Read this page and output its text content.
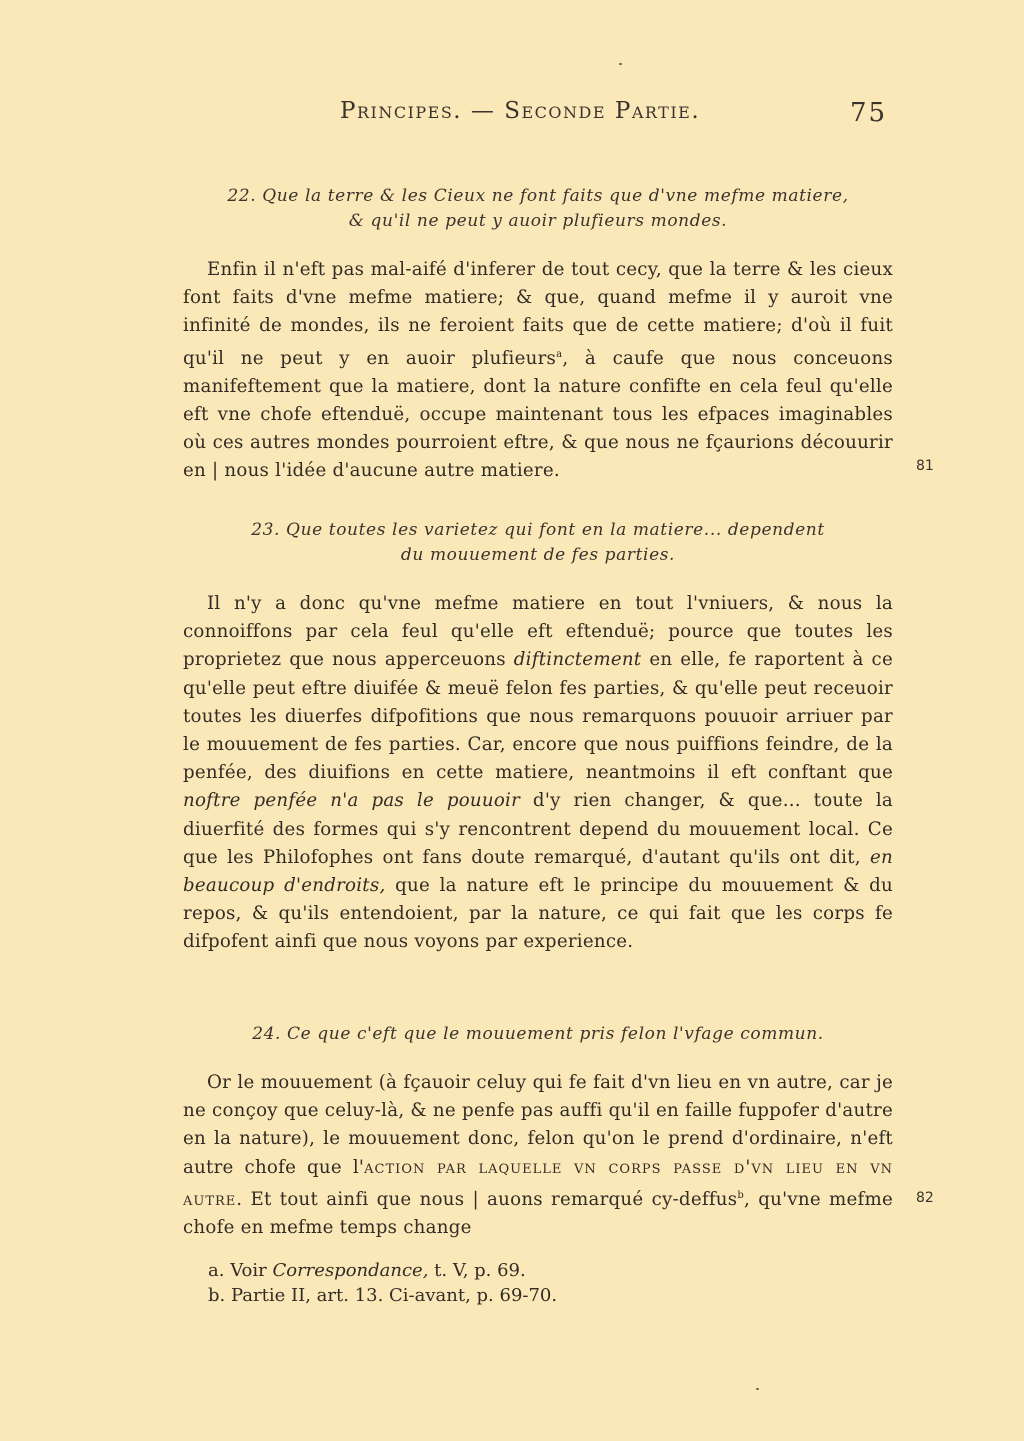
Principes. — Seconde Partie.	75
22. Que la terre & les Cieux ne font faits que d'vne mefme matiere,
& qu'il ne peut y auoir plufieurs mondes.

Enfin il n'eft pas mal-aifé d'inferer de tout cecy, que la terre & les cieux font faits d'vne mefme matiere; & que, quand mefme il y auroit vne infinité de mondes, ils ne feroient faits que de cette matiere; d'où il fuit qu'il ne peut y en auoir plufieurs$^a$, à caufe que nous conceuons manifeftement que la matiere, dont la nature confifte en cela feul qu'elle eft vne chofe eftenduë, occupe maintenant tous les efpaces imaginables où ces autres mondes pourroient eftre, & que nous ne fçaurions découurir en | nous l'idée d'aucune autre matiere.	81
23. Que toutes les varietez qui font en la matiere... dependent
du mouuement de fes parties.

Il n'y a donc qu'vne mefme matiere en tout l'vniuers, & nous la connoiffons par cela feul qu'elle eft eftenduë; pource que toutes les proprietez que nous apperceuons diftinctement en elle, fe raportent à ce qu'elle peut eftre diuifée & meuë felon fes parties, & qu'elle peut receuoir toutes les diuerfes difpofitions que nous remarquons pouuoir arriuer par le mouuement de fes parties. Car, encore que nous puiffions feindre, de la penfée, des diuifions en cette matiere, neantmoins il eft conftant que noftre penfée n'a pas le pouuoir d'y rien changer, & que... toute la diuerfité des formes qui s'y rencontrent depend du mouuement local. Ce que les Philofophes ont fans doute remarqué, d'autant qu'ils ont dit, en beaucoup d'endroits, que la nature eft le principe du mouuement & du repos, & qu'ils entendoient, par la nature, ce qui fait que les corps fe difpofent ainfi que nous voyons par experience.

24. Ce que c'eft que le mouuement pris felon l'vfage commun.

Or le mouuement (à fçauoir celuy qui fe fait d'vn lieu en vn autre, car je ne conçoy que celuy-là, & ne penfe pas auffi qu'il en faille fuppofer d'autre en la nature), le mouuement donc, felon qu'on le prend d'ordinaire, n'eft autre chofe que l'action par laquelle vn corps passe d'vn lieu en vn autre. Et tout ainfi que nous | auons remarqué cy-deffus$^b$, qu'vne mefme chofe en mefme temps change

82
a. Voir Correspondance, t. V, p. 69.
b. Partie II, art. 13. Ci-avant, p. 69-70.
